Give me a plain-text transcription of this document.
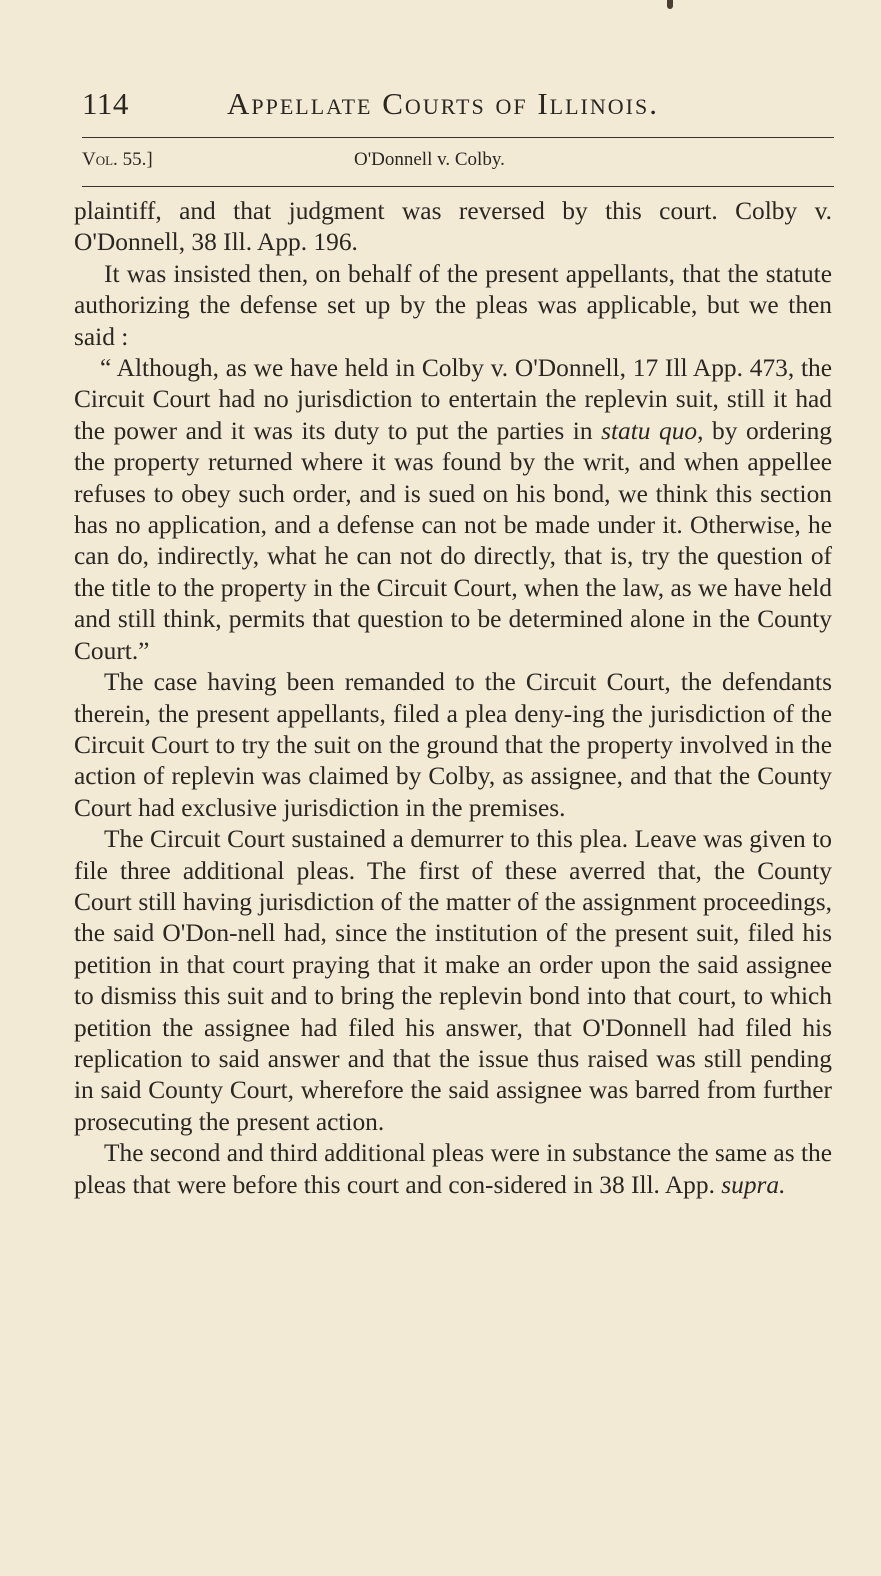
114	Appellate Courts of Illinois.
Vol. 55.]	O'Donnell v. Colby.

plaintiff, and that judgment was reversed by this court. Colby v. O'Donnell, 38 Ill. App. 196.

It was insisted then, on behalf of the present appellants, that the statute authorizing the defense set up by the pleas was applicable, but we then said :

“ Although, as we have held in Colby v. O'Donnell, 17 Ill App. 473, the Circuit Court had no jurisdiction to entertain the replevin suit, still it had the power and it was its duty to put the parties in statu quo, by ordering the property returned where it was found by the writ, and when appellee refuses to obey such order, and is sued on his bond, we think this section has no application, and a defense can not be made under it. Otherwise, he can do, indirectly, what he can not do directly, that is, try the question of the title to the property in the Circuit Court, when the law, as we have held and still think, permits that question to be determined alone in the County Court.”

The case having been remanded to the Circuit Court, the defendants therein, the present appellants, filed a plea deny-ing the jurisdiction of the Circuit Court to try the suit on the ground that the property involved in the action of replevin was claimed by Colby, as assignee, and that the County Court had exclusive jurisdiction in the premises.

The Circuit Court sustained a demurrer to this plea. Leave was given to file three additional pleas. The first of these averred that, the County Court still having jurisdiction of the matter of the assignment proceedings, the said O'Don-nell had, since the institution of the present suit, filed his petition in that court praying that it make an order upon the said assignee to dismiss this suit and to bring the replevin bond into that court, to which petition the assignee had filed his answer, that O'Donnell had filed his replication to said answer and that the issue thus raised was still pending in said County Court, wherefore the said assignee was barred from further prosecuting the present action.

The second and third additional pleas were in substance the same as the pleas that were before this court and con-sidered in 38 Ill. App. supra.
